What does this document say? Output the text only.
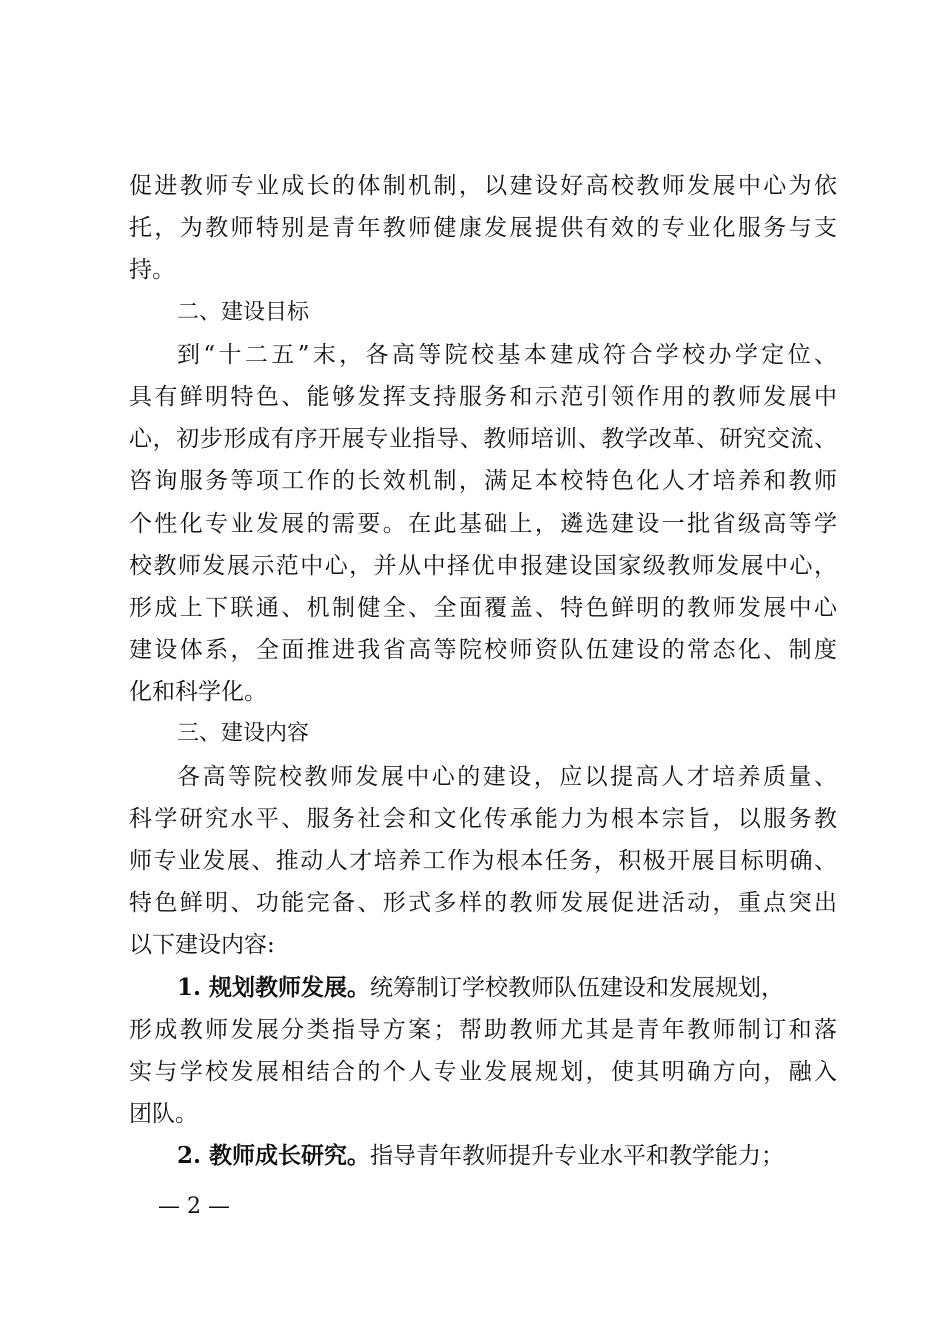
促进教师专业成长的体制机制，以建设好高校教师发展中心为依
托，为教师特别是青年教师健康发展提供有效的专业化服务与支
持。
二、建设目标
到“十二五”末，各高等院校基本建成符合学校办学定位、
具有鲜明特色、能够发挥支持服务和示范引领作用的教师发展中
心，初步形成有序开展专业指导、教师培训、教学改革、研究交流、
咨询服务等项工作的长效机制，满足本校特色化人才培养和教师
个性化专业发展的需要。在此基础上，遴选建设一批省级高等学
校教师发展示范中心，并从中择优申报建设国家级教师发展中心，
形成上下联通、机制健全、全面覆盖、特色鲜明的教师发展中心
建设体系，全面推进我省高等院校师资队伍建设的常态化、制度
化和科学化。
三、建设内容
各高等院校教师发展中心的建设，应以提高人才培养质量、
科学研究水平、服务社会和文化传承能力为根本宗旨，以服务教
师专业发展、推动人才培养工作为根本任务，积极开展目标明确、
特色鲜明、功能完备、形式多样的教师发展促进活动，重点突出
以下建设内容:
1. 规划教师发展。统筹制订学校教师队伍建设和发展规划，
形成教师发展分类指导方案；帮助教师尤其是青年教师制订和落
实与学校发展相结合的个人专业发展规划，使其明确方向，融入
团队。
2. 教师成长研究。指导青年教师提升专业水平和教学能力；
— 2 —
